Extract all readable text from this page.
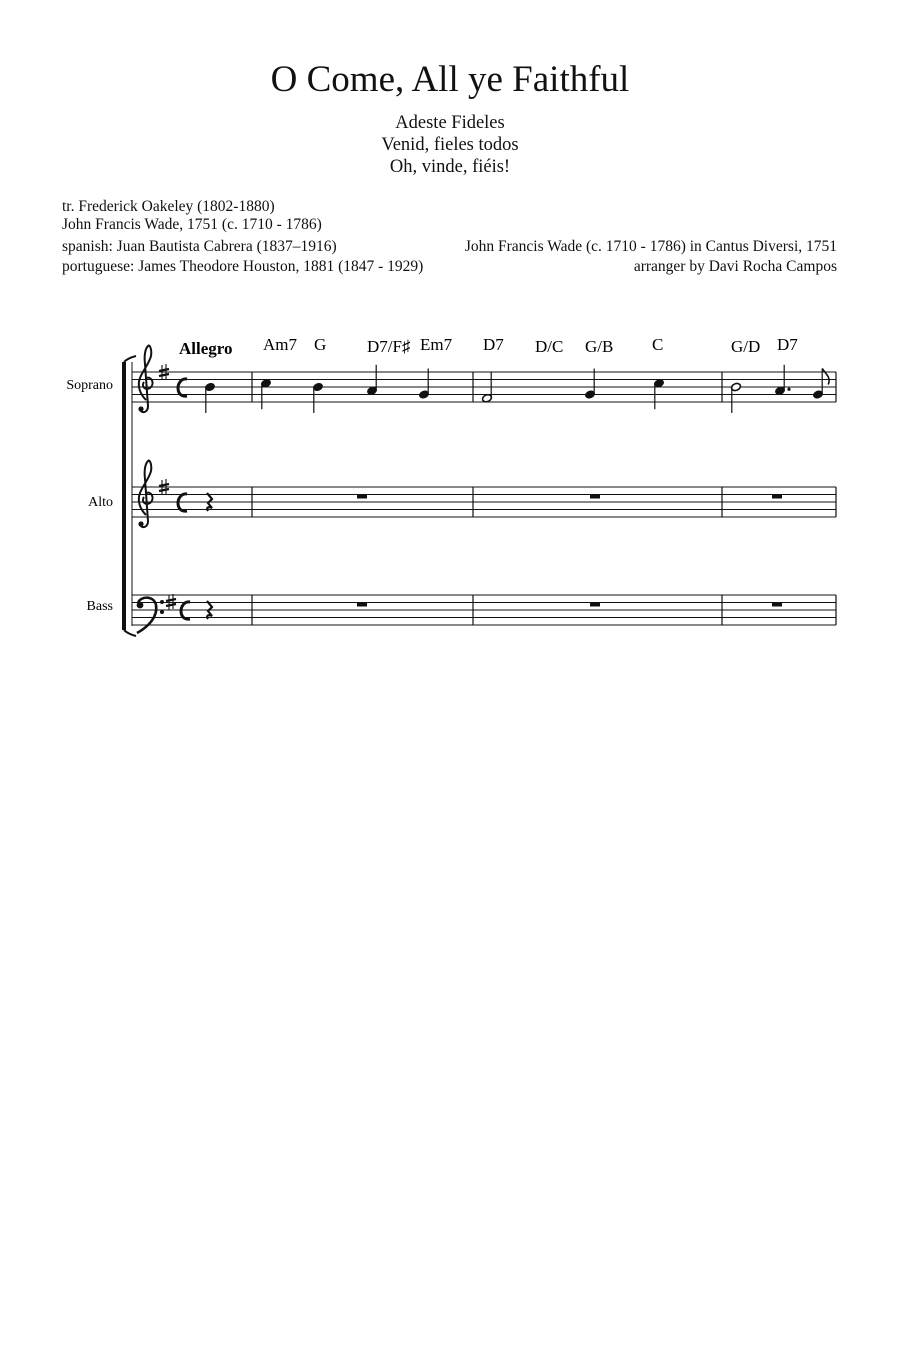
O Come, All ye Faithful
Adeste Fideles
Venid, fieles todos
Oh, vinde, fiéis!
tr. Frederick Oakeley (1802-1880)
John Francis Wade, 1751 (c. 1710 - 1786)
spanish: Juan Bautista Cabrera (1837–1916)
portuguese: James Theodore Houston, 1881 (1847 - 1929)
John Francis Wade (c. 1710 - 1786) in Cantus Diversi, 1751
arranger by Davi Rocha Campos
Soprano
Alto
Bass
Allegro Am7 G D7/F♯ Em7 D7 D/C G/B C	G/D D7
